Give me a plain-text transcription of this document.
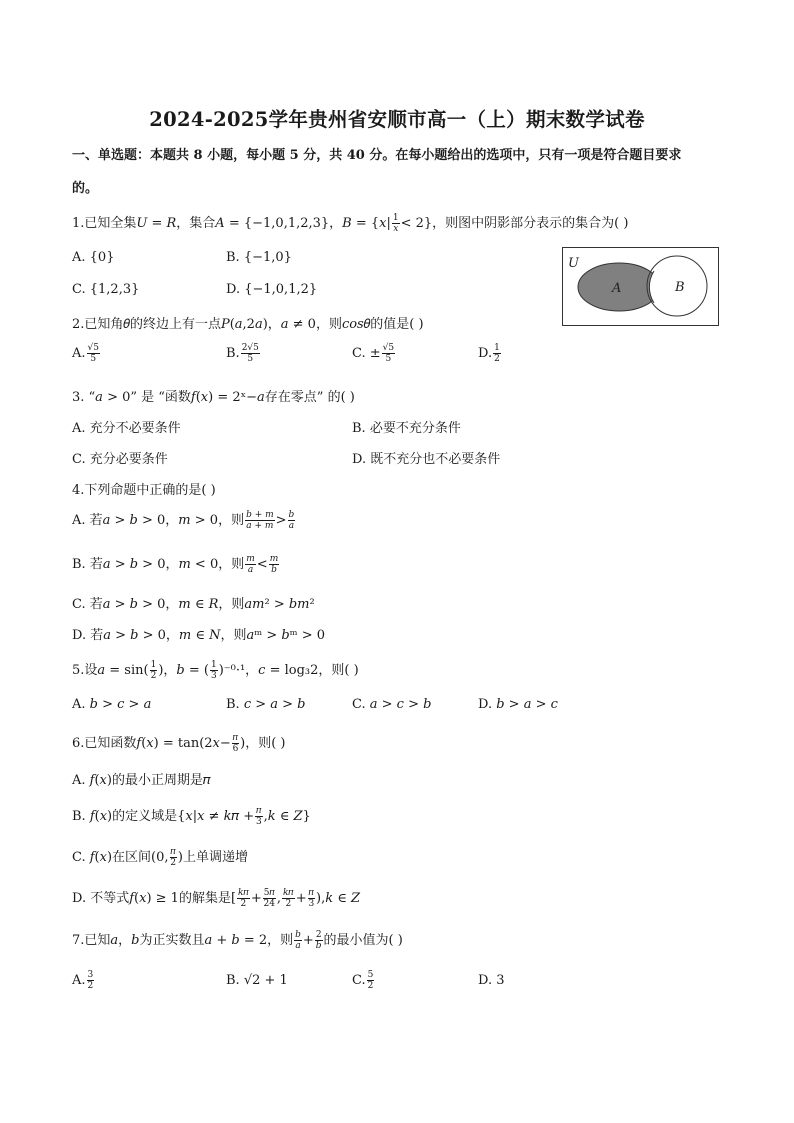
2024-2025学年贵州省安顺市高一（上）期末数学试卷
一、单选题：本题共 8 小题，每小题 5 分，共 40 分。在每小题给出的选项中，只有一项是符合题目要求
的。
1.已知全集𝑈 = 𝑅，集合𝐴 = {−1,0,1,2,3}，𝐵 = {𝑥| $\frac{1}{\text{𝑥}} < 2$}，则图中阴影部分表示的集合为( )
A. {0}	B. {−1,0}
C. {1,2,3}	D. {−1,0,1,2}
U
A	B
2.已知角𝜃的终边上有一点𝑃(𝑎,2𝑎)，𝑎 ≠ 0，则𝑐𝑜𝑠𝜃的值是( )
A. $\frac{√5}{5}$	B. $\frac{2√5}{5}$	C. ± $\frac{√5}{5}$	D. $\frac{1}{2}$
3. “𝑎 > 0” 是 “函数𝑓(𝑥) = 2ˣ−𝑎存在零点” 的( )
A. 充分不必要条件	B. 必要不充分条件
C. 充分必要条件	D. 既不充分也不必要条件
4.下列命题中正确的是( )
A. 若𝑎 > 𝑏 > 0，𝑚 > 0，则 $\frac{\text{𝑏 + 𝑚}}{\text{𝑎 + 𝑚}} > \frac{\text{𝑏}}{\text{𝑎}}$
B. 若𝑎 > 𝑏 > 0，𝑚 < 0，则 $\frac{\text{𝑚}}{\text{𝑎}} < \frac{\text{𝑚}}{\text{𝑏}}$
C. 若𝑎 > 𝑏 > 0，𝑚 ∈ 𝑅，则𝑎𝑚² > 𝑏𝑚²
D. 若𝑎 > 𝑏 > 0，𝑚 ∈ 𝑁，则𝑎ᵐ > 𝑏ᵐ > 0
5.设𝑎 = $\sin( \frac{1}{2}$ )，𝑏 = ( $\frac{1}{3} )^{-0}\cdot^1$，𝑐 = log₃2，则( )
A. 𝑏 > 𝑐 > 𝑎	B. 𝑐 > 𝑎 > 𝑏	C. 𝑎 > 𝑐 > 𝑏	D. 𝑏 > 𝑎 > 𝑐
6.已知函数𝑓(𝑥) = tan(2𝑥− $\frac{\text{𝜋}}{6}$ )，则( )
A. 𝑓(𝑥)的最小正周期是𝜋
B. 𝑓(𝑥)的定义域是{𝑥|𝑥 ≠ 𝑘𝜋 + $\frac{\text{𝜋}}{3}$ ,𝑘 ∈ 𝑍}
C. 𝑓(𝑥)在区间(0, $\frac{\text{𝜋}}{2}$ )上单调递增
D. 不等式𝑓(𝑥) ≥ 1的解集是[ $\frac{\text{𝑘𝜋}}{2} + \frac{\text{5𝜋}}{24}$ , $\frac{\text{𝑘𝜋}}{2} + \frac{\text{𝜋}}{3}$ ),𝑘 ∈ 𝑍
7.已知𝑎，𝑏为正实数且𝑎 + 𝑏 = 2，则 $\frac{\text{𝑏}}{\text{𝑎}} + \frac{2}{\text{𝑏}}$ 的最小值为( )
A. $\frac{3}{2}$	B. √2 + 1	C. $\frac{5}{2}$	D. 3
